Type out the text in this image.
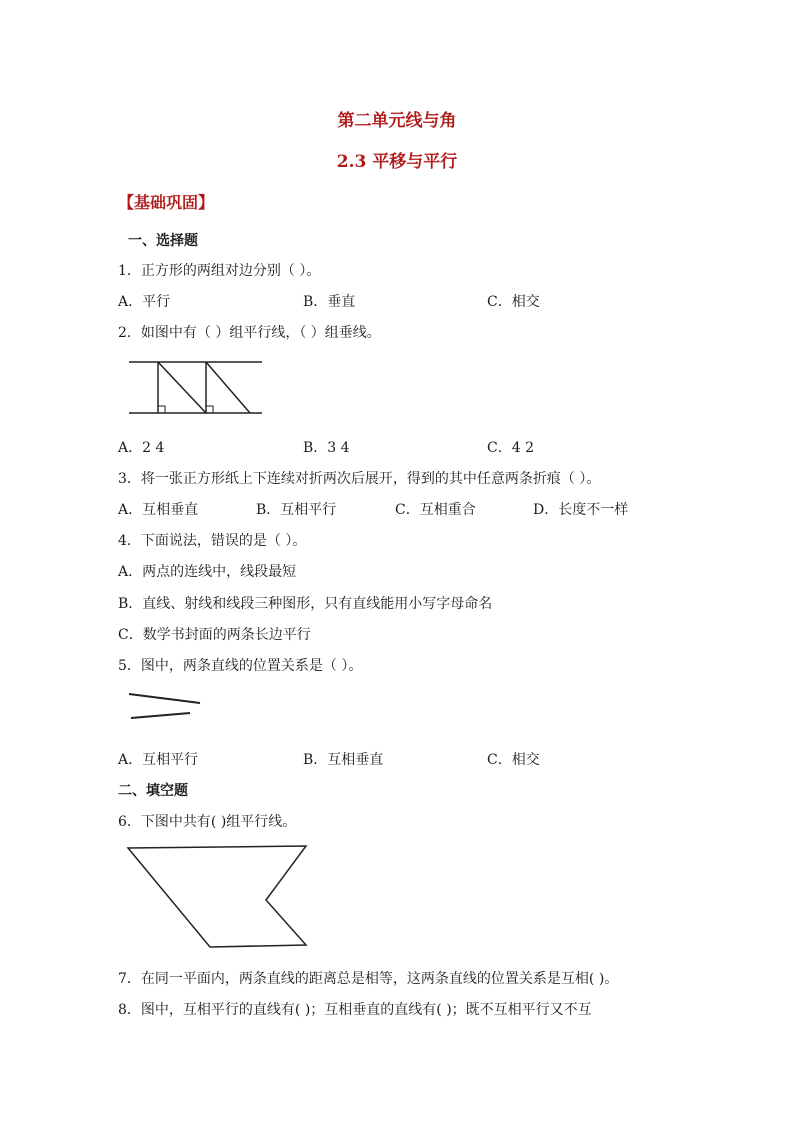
第二单元线与角
2.3 平移与平行
【基础巩固】
一、选择题
1．正方形的两组对边分别（ ）。
A．平行	B．垂直	C．相交
2．如图中有（ ）组平行线，（ ）组垂线。
A．2 4	B．3 4	C．4 2
3．将一张正方形纸上下连续对折两次后展开，得到的其中任意两条折痕（ ）。
A．互相垂直	B．互相平行	C．互相重合	D．长度不一样
4．下面说法，错误的是（ ）。
A．两点的连线中，线段最短
B．直线、射线和线段三种图形，只有直线能用小写字母命名
C．数学书封面的两条长边平行
5．图中，两条直线的位置关系是（ ）。
A．互相平行	B．互相垂直	C．相交
二、填空题
6．下图中共有( )组平行线。
7．在同一平面内，两条直线的距离总是相等，这两条直线的位置关系是互相( )。
8．图中，互相平行的直线有( )；互相垂直的直线有( )；既不互相平行又不互
